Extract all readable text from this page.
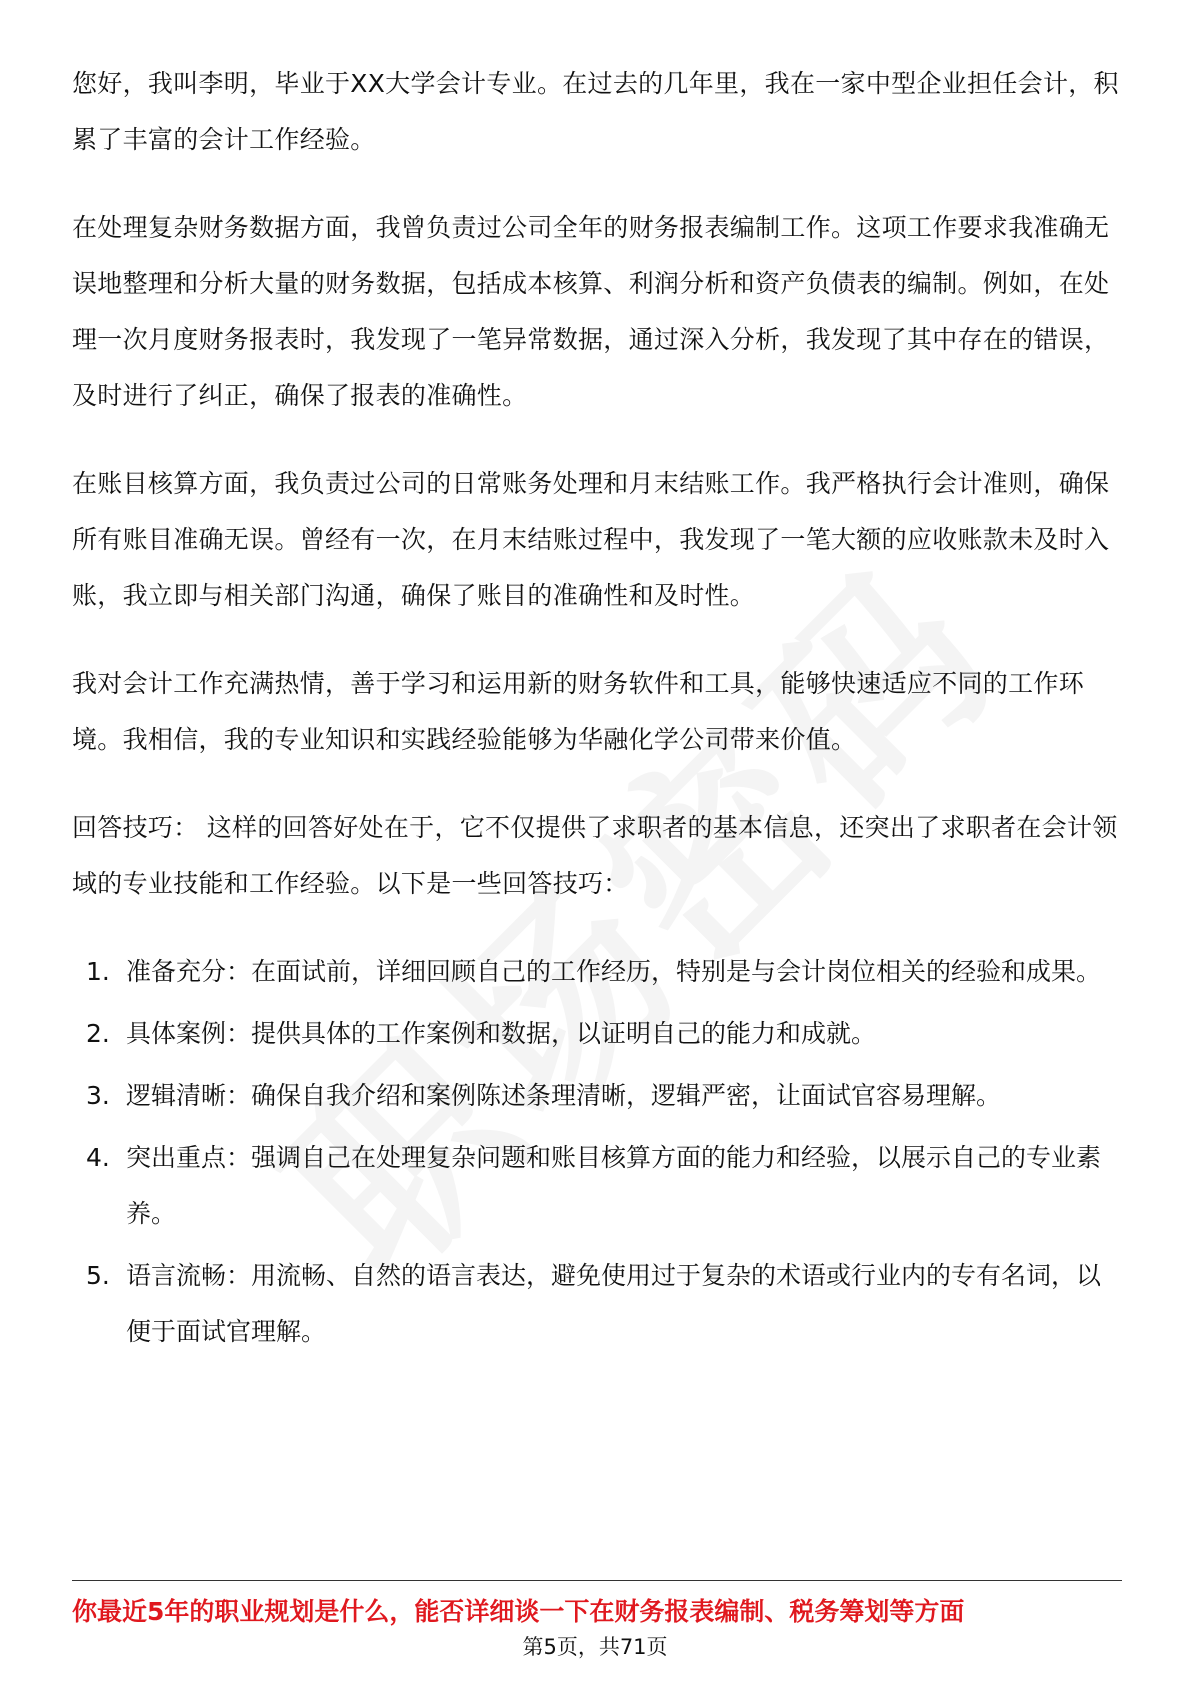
您好，我叫李明，毕业于XX大学会计专业。在过去的几年里，我在一家中型企业担任会计，积累了丰富的会计工作经验。

在处理复杂财务数据方面，我曾负责过公司全年的财务报表编制工作。这项工作要求我准确无误地整理和分析大量的财务数据，包括成本核算、利润分析和资产负债表的编制。例如，在处理一次月度财务报表时，我发现了一笔异常数据，通过深入分析，我发现了其中存在的错误，及时进行了纠正，确保了报表的准确性。

在账目核算方面，我负责过公司的日常账务处理和月末结账工作。我严格执行会计准则，确保所有账目准确无误。曾经有一次，在月末结账过程中，我发现了一笔大额的应收账款未及时入账，我立即与相关部门沟通，确保了账目的准确性和及时性。

我对会计工作充满热情，善于学习和运用新的财务软件和工具，能够快速适应不同的工作环境。我相信，我的专业知识和实践经验能够为华融化学公司带来价值。

回答技巧： 这样的回答好处在于，它不仅提供了求职者的基本信息，还突出了求职者在会计领域的专业技能和工作经验。以下是一些回答技巧：

1. 准备充分：在面试前，详细回顾自己的工作经历，特别是与会计岗位相关的经验和成果。
2. 具体案例：提供具体的工作案例和数据，以证明自己的能力和成就。
3. 逻辑清晰：确保自我介绍和案例陈述条理清晰，逻辑严密，让面试官容易理解。
4. 突出重点：强调自己在处理复杂问题和账目核算方面的能力和经验，以展示自己的专业素养。
5. 语言流畅：用流畅、自然的语言表达，避免使用过于复杂的术语或行业内的专有名词，以便于面试官理解。
你最近5年的职业规划是什么，能否详细谈一下在财务报表编制、税务筹划等方面
第5页，共71页
